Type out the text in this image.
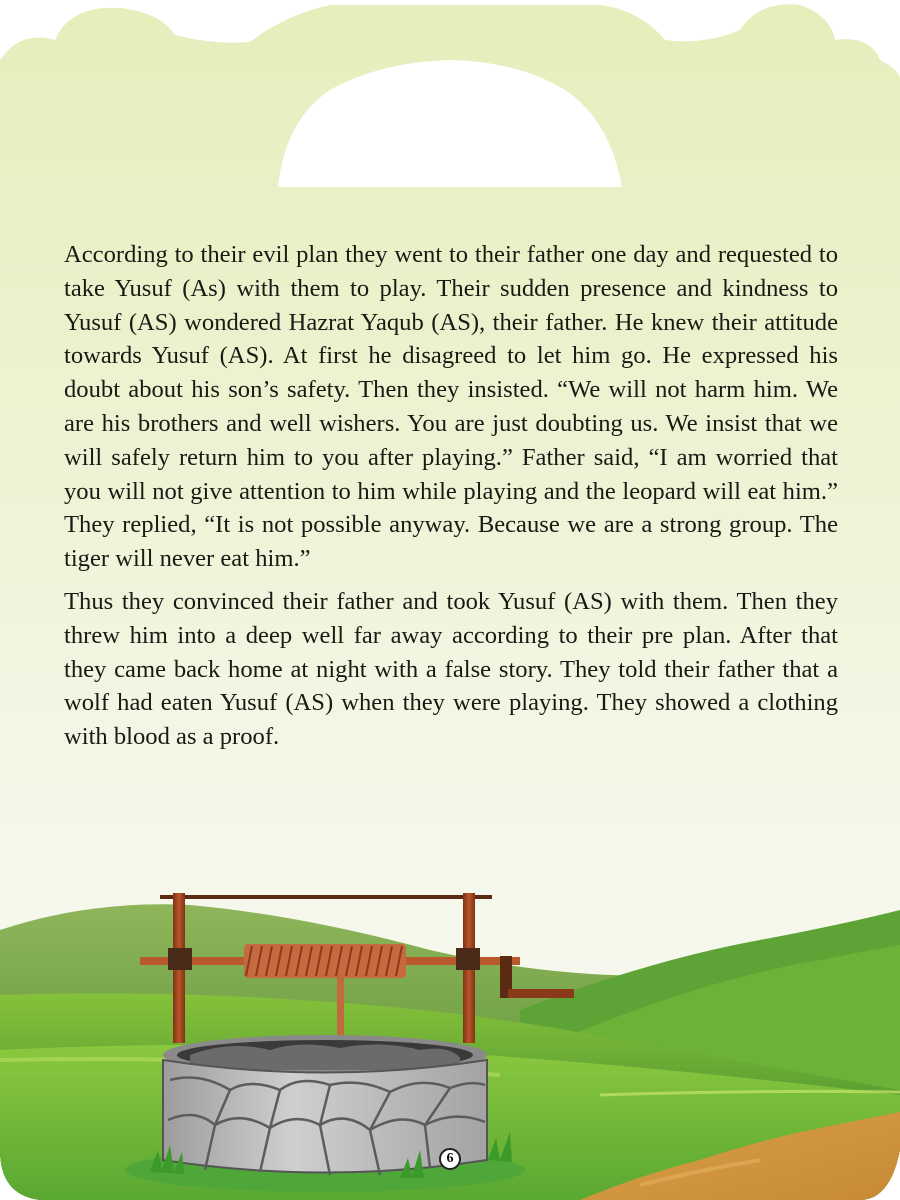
According to their evil plan they went to their father one day and requested to take Yusuf (As) with them to play. Their sudden presence and kindness to Yusuf (AS) wondered Hazrat Yaqub (AS), their father. He knew their attitude towards Yusuf (AS). At first he disagreed to let him go. He expressed his doubt about his son’s safety. Then they insisted. “We will not harm him. We are his brothers and well wishers. You are just doubting us. We insist that we will safely return him to you after playing.” Father said, “I am worried that you will not give attention to him while playing and the leopard will eat him.” They replied, “It is not possible anyway. Because we are a strong group. The tiger will never eat him.”

Thus they convinced their father and took Yusuf (AS) with them. Then they threw him into a deep well far away according to their pre plan. After that they came back home at night with a false story. They told their father that a wolf had eaten Yusuf (AS) when they were playing. They showed a clothing with blood as a proof.

6
